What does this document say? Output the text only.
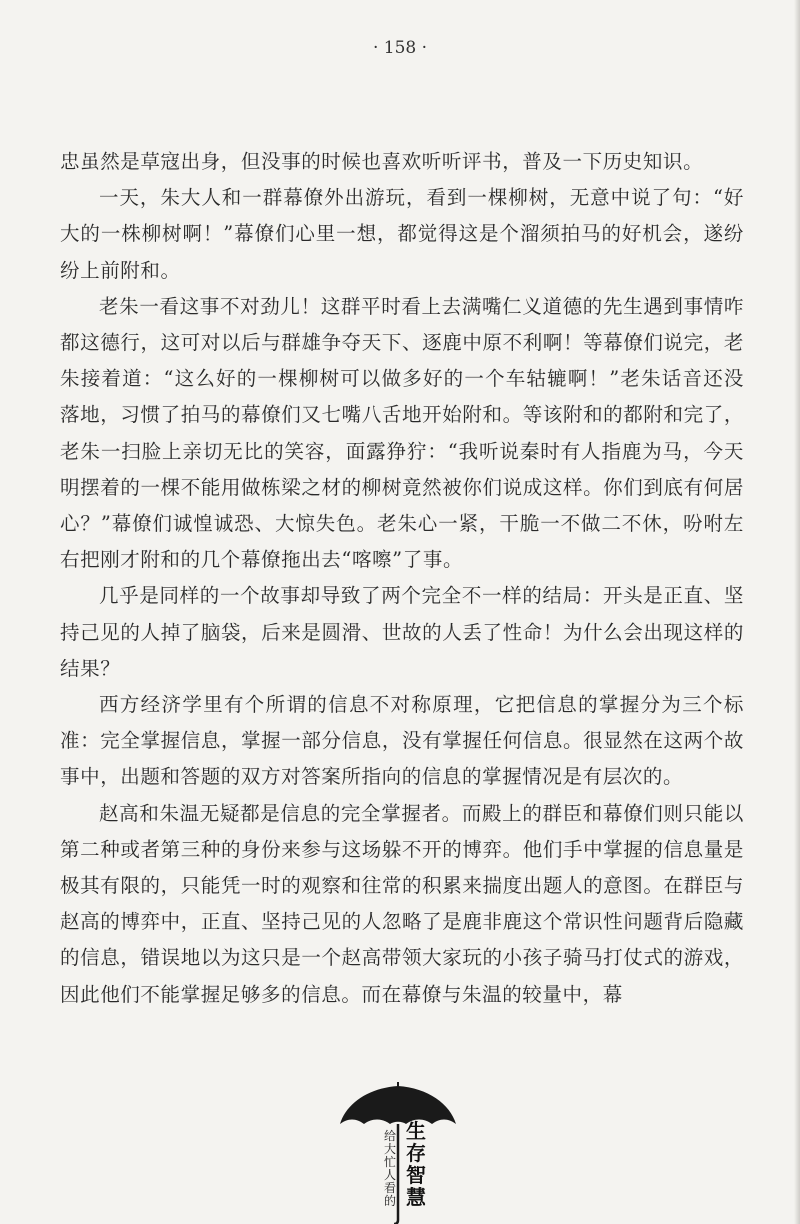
· 158 ·

忠虽然是草寇出身，但没事的时候也喜欢听听评书，普及一下历史知识。

一天，朱大人和一群幕僚外出游玩，看到一棵柳树，无意中说了句：“好大的一株柳树啊！”幕僚们心里一想，都觉得这是个溜须拍马的好机会，遂纷纷上前附和。

老朱一看这事不对劲儿！这群平时看上去满嘴仁义道德的先生遇到事情咋都这德行，这可对以后与群雄争夺天下、逐鹿中原不利啊！等幕僚们说完，老朱接着道：“这么好的一棵柳树可以做多好的一个车轱辘啊！”老朱话音还没落地，习惯了拍马的幕僚们又七嘴八舌地开始附和。等该附和的都附和完了，老朱一扫脸上亲切无比的笑容，面露狰狞：“我听说秦时有人指鹿为马，今天明摆着的一棵不能用做栋梁之材的柳树竟然被你们说成这样。你们到底有何居心？”幕僚们诚惶诚恐、大惊失色。老朱心一紧，干脆一不做二不休，吩咐左右把刚才附和的几个幕僚拖出去“喀嚓”了事。

几乎是同样的一个故事却导致了两个完全不一样的结局：开头是正直、坚持己见的人掉了脑袋，后来是圆滑、世故的人丢了性命！为什么会出现这样的结果？

西方经济学里有个所谓的信息不对称原理，它把信息的掌握分为三个标准：完全掌握信息，掌握一部分信息，没有掌握任何信息。很显然在这两个故事中，出题和答题的双方对答案所指向的信息的掌握情况是有层次的。

赵高和朱温无疑都是信息的完全掌握者。而殿上的群臣和幕僚们则只能以第二种或者第三种的身份来参与这场躲不开的博弈。他们手中掌握的信息量是极其有限的，只能凭一时的观察和往常的积累来揣度出题人的意图。在群臣与赵高的博弈中，正直、坚持己见的人忽略了是鹿非鹿这个常识性问题背后隐藏的信息，错误地以为这只是一个赵高带领大家玩的小孩子骑马打仗式的游戏，因此他们不能掌握足够多的信息。而在幕僚与朱温的较量中，幕

给
大
忙
人
看
的
生
存
智
慧
